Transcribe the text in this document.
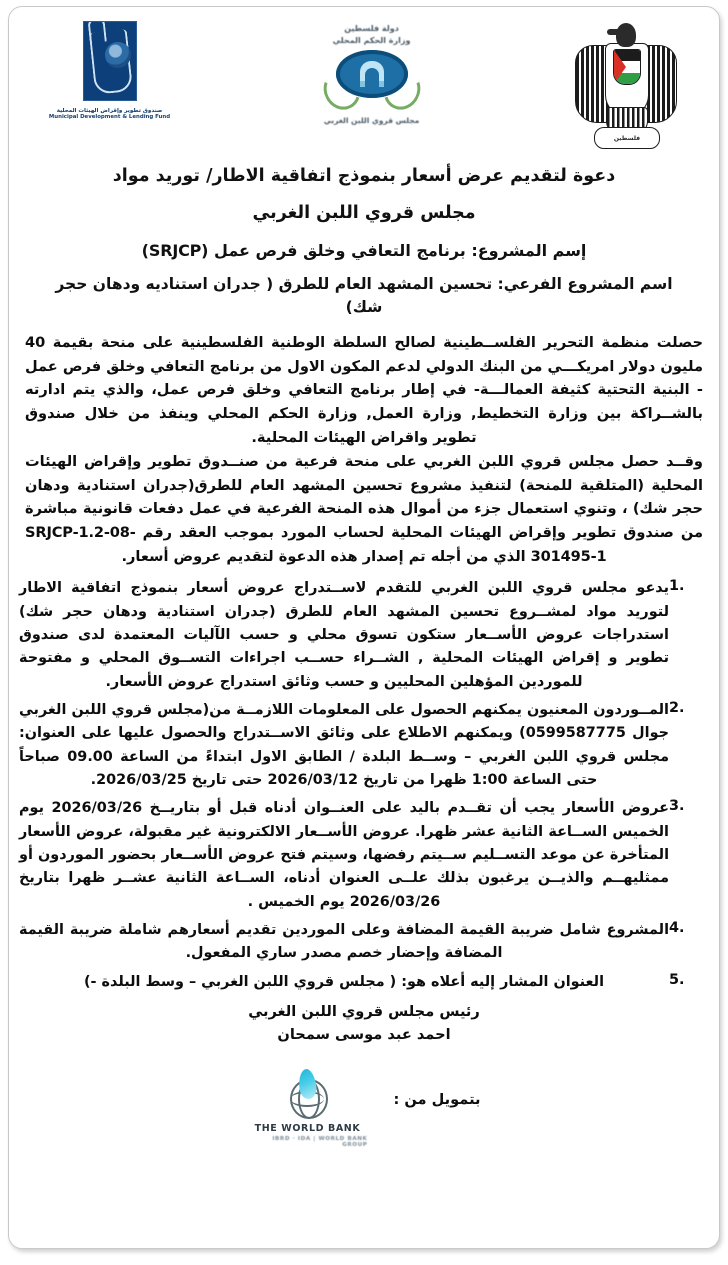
فلسطين
دولة فلسطين
وزارة الحكم المحلي
مجلس قروي اللبن الغربي
صندوق تطوير وإقراض الهيئات المحلية
Municipal Development & Lending Fund
دعوة لتقديم عرض أسعار بنموذج اتفاقية الاطار/ توريد مواد
مجلس قروي اللبن الغربي
إسم المشروع: برنامج التعافي وخلق فرص عمل (SRJCP)
اسم المشروع الفرعي: تحسين المشهد العام للطرق ( جدران استناديه ودهان حجر شك)

حصلت منظمة التحرير الفلســطينية لصالح السلطة الوطنية الفلسطينية على منحة بقيمة 40 مليون دولار امريكـــي من البنك الدولي لدعم المكون الاول من برنامج التعافي وخلق فرص عمل - البنية التحتية كثيفة العمالـــة- في إطار برنامج التعافي وخلق فرص عمل، والذي يتم ادارته بالشــراكة بين وزارة التخطيط, وزارة العمل, وزارة الحكم المحلي وينفذ من خلال صندوق تطوير واقراض الهيئات المحلية.

وقــد حصل مجلس قروي اللبن الغربي على منحة فرعية من صنــدوق تطوير وإقراض الهيئات المحلية (المتلقية للمنحة) لتنفيذ مشروع تحسين المشهد العام للطرق(جدران استنادية ودهان حجر شك) ، وتنوي استعمال جزء من أموال هذه المنحة الفرعية في عمل دفعات قانونية مباشرة من صندوق تطوير وإقراض الهيئات المحلية لحساب المورد بموجب العقد رقم SRJCP-1.2-08-301495-1 الذي من أجله تم إصدار هذه الدعوة لتقديم عروض أسعار.

1.
يدعو مجلس قروي اللبن الغربي للتقدم لاســتدراج عروض أسعار بنموذج اتفاقية الاطار لتوريد مواد لمشــروع تحسين المشهد العام للطرق (جدران استنادية ودهان حجر شك) استدراجات عروض الأســعار ستكون تسوق محلي و حسب الآليات المعتمدة لدى صندوق تطوير و إقراض الهيئات المحلية , الشــراء حســب اجراءات التســوق المحلي و مفتوحة للموردين المؤهلين المحليين و حسب وثائق استدراج عروض الأسعار.
2.
المــوردون المعنيون يمكنهم الحصول على المعلومات اللازمــة من(مجلس قروي اللبن الغربي جوال 0599587775) ويمكنهم الاطلاع على وثائق الاســتدراج والحصول عليها على العنوان: مجلس قروي اللبن الغربي – وســط البلدة / الطابق الاول ابتداءً من الساعة 09.00 صباحاً حتى الساعة 1:00 ظهرا من تاريخ 2026/03/12 حتى تاريخ 2026/03/25.
3.
عروض الأسعار يجب أن تقــدم باليد على العنــوان أدناه قبل أو بتاريــخ 2026/03/26 يوم الخميس الســاعة الثانية عشر ظهرا. عروض الأســعار الالكترونية غير مقبولة، عروض الأسعار المتأخرة عن موعد التســليم ســيتم رفضها، وسيتم فتح عروض الأســعار بحضور الموردون أو ممثليهــم والذيــن يرغبون بذلك علــى العنوان أدناه، الســاعة الثانية عشــر ظهرا بتاريخ 2026/03/26 يوم الخميس .
4.
المشروع شامل ضريبة القيمة المضافة وعلى الموردين تقديم أسعارهم شاملة ضريبة القيمة المضافة وإحضار خصم مصدر ساري المفعول.
5.
العنوان المشار إليه أعلاه هو: ( مجلس قروي اللبن الغربي – وسط البلدة -)
رئيس مجلس قروي اللبن الغربي
احمد عبد موسى سمحان
بتمويل من :
THE WORLD BANK
IBRD · IDA | WORLD BANK GROUP
